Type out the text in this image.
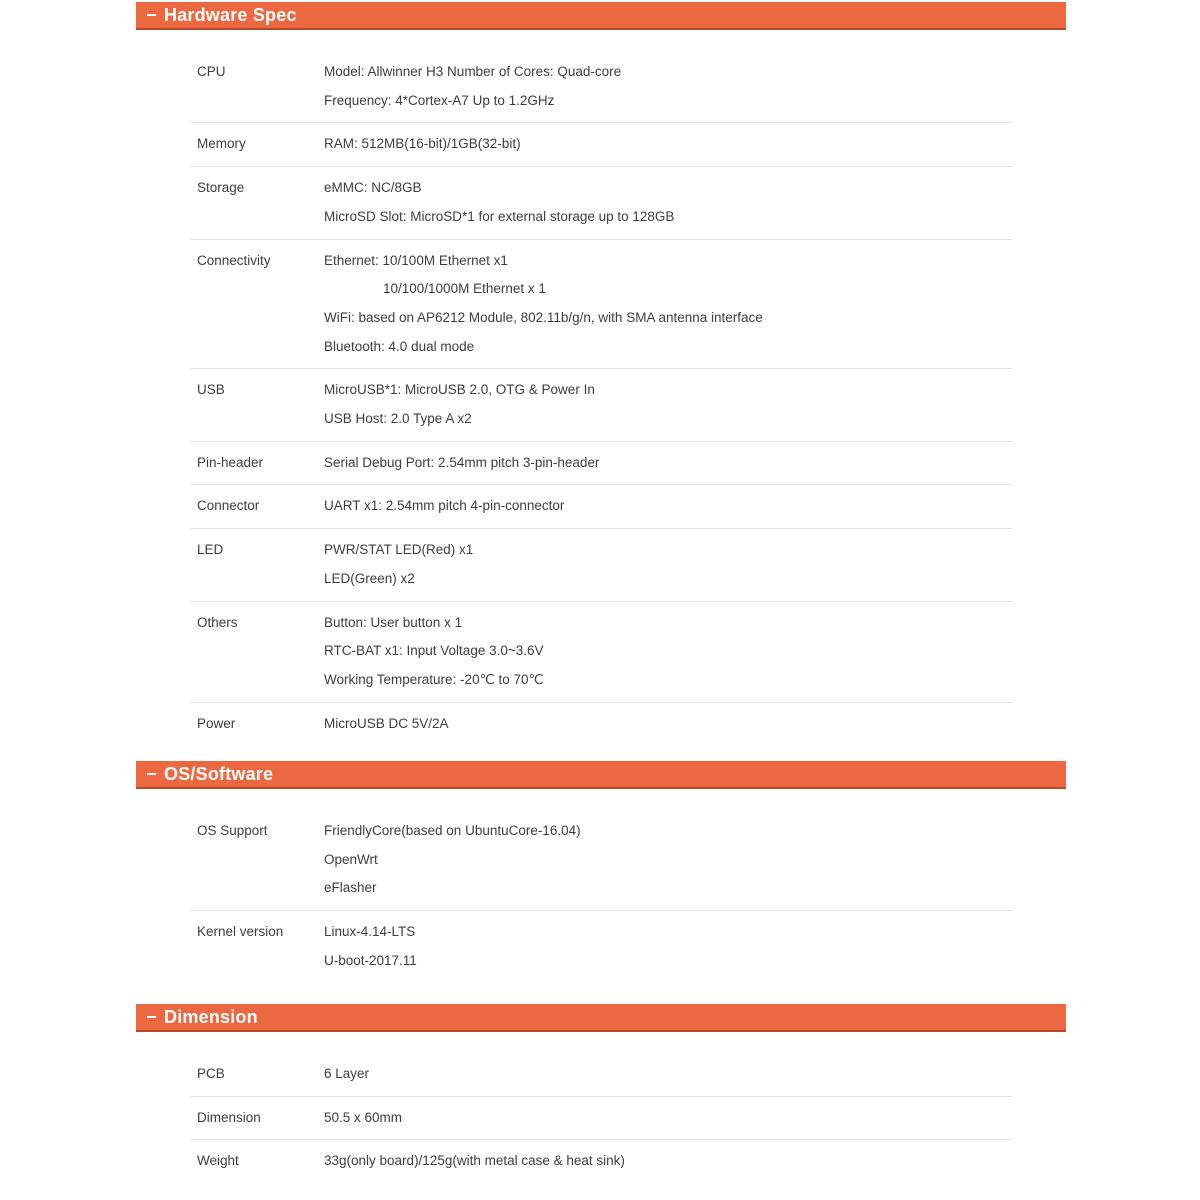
Hardware Spec
CPU	Model: Allwinner H3 Number of Cores: Quad-core
Frequency: 4*Cortex-A7 Up to 1.2GHz
Memory	RAM: 512MB(16-bit)/1GB(32-bit)
Storage	eMMC: NC/8GB
MicroSD Slot: MicroSD*1 for external storage up to 128GB
Connectivity	Ethernet: 10/100M Ethernet x1
10/100/1000M Ethernet x 1
WiFi: based on AP6212 Module, 802.11b/g/n, with SMA antenna interface
Bluetooth: 4.0 dual mode
USB	MicroUSB*1: MicroUSB 2.0, OTG & Power In
USB Host: 2.0 Type A x2
Pin-header	Serial Debug Port: 2.54mm pitch 3-pin-header
Connector	UART x1: 2.54mm pitch 4-pin-connector
LED	PWR/STAT LED(Red) x1
LED(Green) x2
Others	Button: User button x 1
RTC-BAT x1: Input Voltage 3.0~3.6V
Working Temperature: -20℃ to 70℃
Power	MicroUSB DC 5V/2A
OS/Software
OS Support	FriendlyCore(based on UbuntuCore-16.04)
OpenWrt
eFlasher
Kernel version	Linux-4.14-LTS
U-boot-2017.11
Dimension
PCB	6 Layer
Dimension	50.5 x 60mm
Weight	33g(only board)/125g(with metal case & heat sink)
